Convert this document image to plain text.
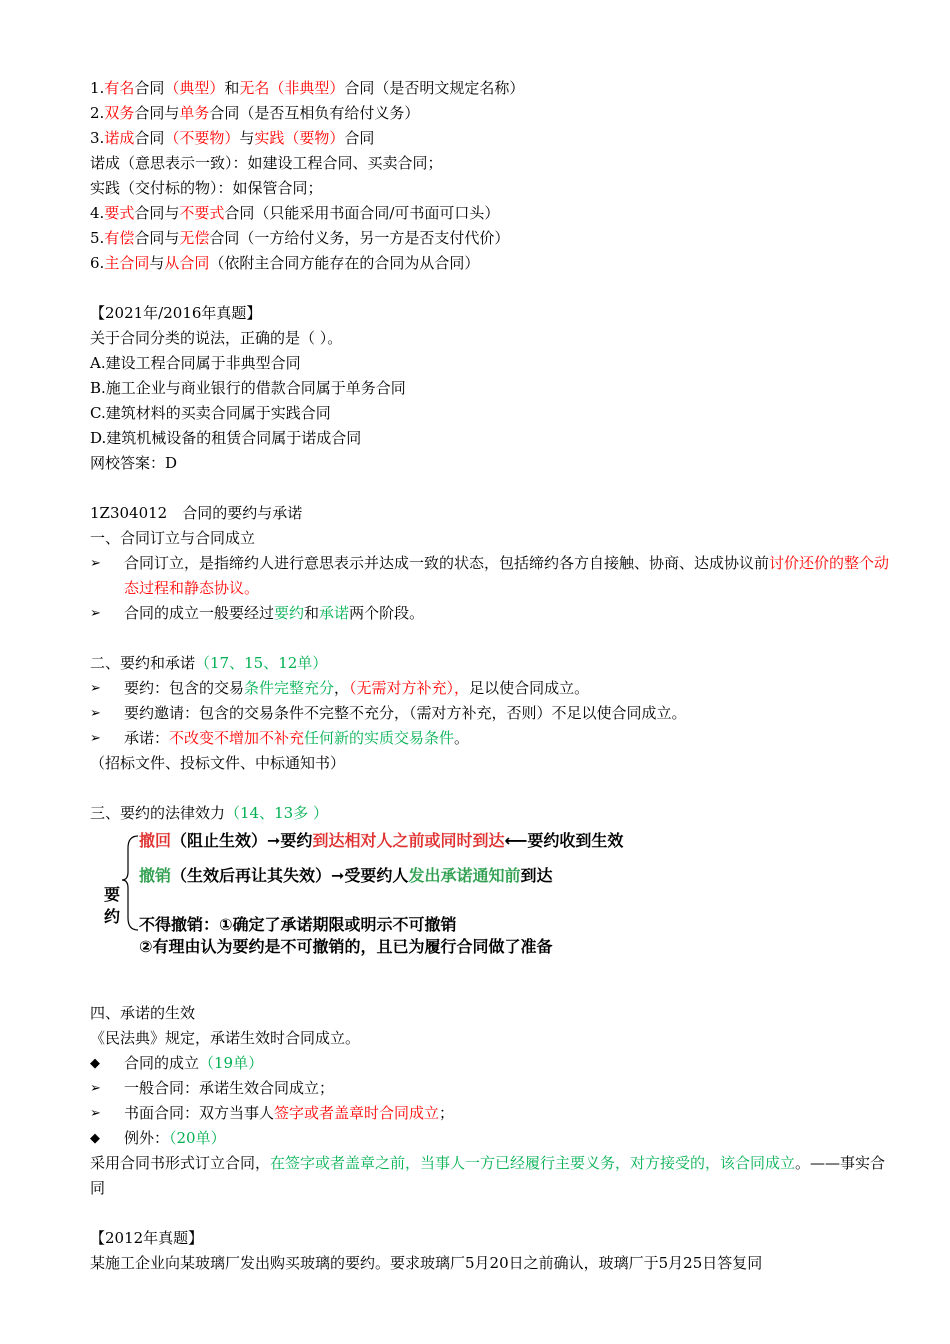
1.有名合同（典型）和无名（非典型）合同（是否明文规定名称）
2.双务合同与单务合同（是否互相负有给付义务）
3.诺成合同（不要物）与实践（要物）合同
诺成（意思表示一致）：如建设工程合同、买卖合同；
实践（交付标的物）：如保管合同；
4.要式合同与不要式合同（只能采用书面合同/可书面可口头）
5.有偿合同与无偿合同（一方给付义务，另一方是否支付代价）
6.主合同与从合同（依附主合同方能存在的合同为从合同）
【2021年/2016年真题】
关于合同分类的说法，正确的是（ ）。
A.建设工程合同属于非典型合同
B.施工企业与商业银行的借款合同属于单务合同
C.建筑材料的买卖合同属于实践合同
D.建筑机械设备的租赁合同属于诺成合同
网校答案：D
1Z304012　合同的要约与承诺
一、合同订立与合同成立
➢	合同订立，是指缔约人进行意思表示并达成一致的状态，包括缔约各方自接触、协商、达成协议前讨价还价的整个动态过程和静态协议。
➢	合同的成立一般要经过要约和承诺两个阶段。
二、要约和承诺（17、15、12单）
➢	要约：包含的交易条件完整充分，（无需对方补充），足以使合同成立。
➢	要约邀请：包含的交易条件不完整不充分，（需对方补充，否则）不足以使合同成立。
➢	承诺：不改变不增加不补充任何新的实质交易条件。
（招标文件、投标文件、中标通知书）
三、要约的法律效力（14、13多 ）
要
约
撤回（阻止生效）➞要约到达相对人之前或同时到达⟵要约收到生效
撤销（生效后再让其失效）➞受要约人发出承诺通知前到达
不得撤销：①确定了承诺期限或明示不可撤销
②有理由认为要约是不可撤销的，且已为履行合同做了准备
四、承诺的生效
《民法典》规定，承诺生效时合同成立。
◆	合同的成立（19单）
➢	一般合同：承诺生效合同成立；
➢	书面合同：双方当事人签字或者盖章时合同成立；
◆	例外：（20单）
采用合同书形式订立合同，在签字或者盖章之前，当事人一方已经履行主要义务，对方接受的，该合同成立。——事实合同
【2012年真题】
某施工企业向某玻璃厂发出购买玻璃的要约。要求玻璃厂5月20日之前确认，玻璃厂于5月25日答复同
